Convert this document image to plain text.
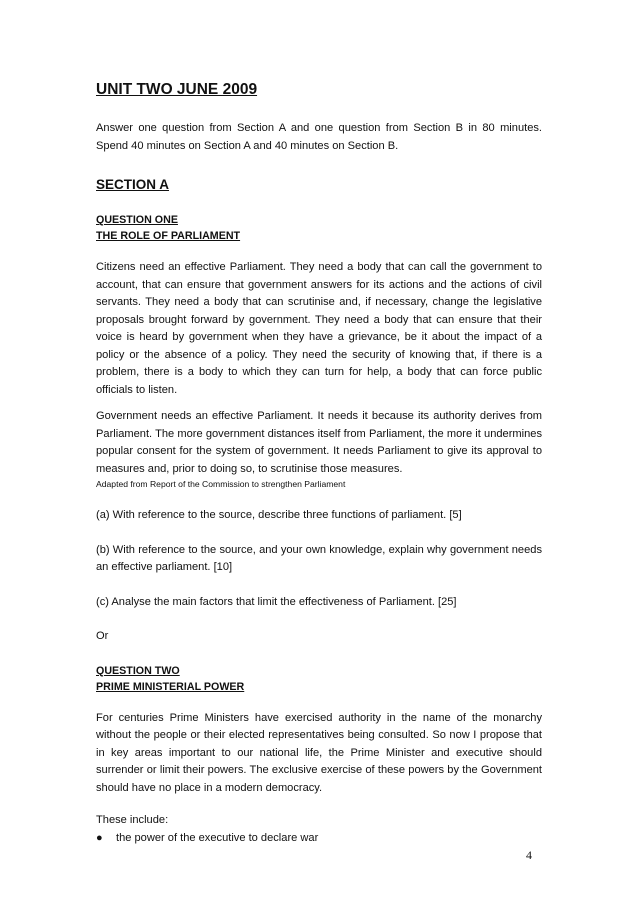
UNIT TWO JUNE 2009

Answer one question from Section A and one question from Section B in 80 minutes. Spend 40 minutes on Section A and 40 minutes on Section B.

SECTION A
QUESTION ONE
THE ROLE OF PARLIAMENT

Citizens need an effective Parliament. They need a body that can call the government to account, that can ensure that government answers for its actions and the actions of civil servants. They need a body that can scrutinise and, if necessary, change the legislative proposals brought forward by government. They need a body that can ensure that their voice is heard by government when they have a grievance, be it about the impact of a policy or the absence of a policy. They need the security of knowing that, if there is a problem, there is a body to which they can turn for help, a body that can force public officials to listen.

Government needs an effective Parliament. It needs it because its authority derives from Parliament. The more government distances itself from Parliament, the more it undermines popular consent for the system of government. It needs Parliament to give its approval to measures and, prior to doing so, to scrutinise those measures.

Adapted from Report of the Commission to strengthen Parliament

(a) With reference to the source, describe three functions of parliament. [5]

(b) With reference to the source, and your own knowledge, explain why government needs an effective parliament. [10]

(c) Analyse the main factors that limit the effectiveness of Parliament. [25]

Or

QUESTION TWO
PRIME MINISTERIAL POWER

For centuries Prime Ministers have exercised authority in the name of the monarchy without the people or their elected representatives being consulted. So now I propose that in key areas important to our national life, the Prime Minister and executive should surrender or limit their powers. The exclusive exercise of these powers by the Government should have no place in a modern democracy.

These include:

●	the power of the executive to declare war
4
